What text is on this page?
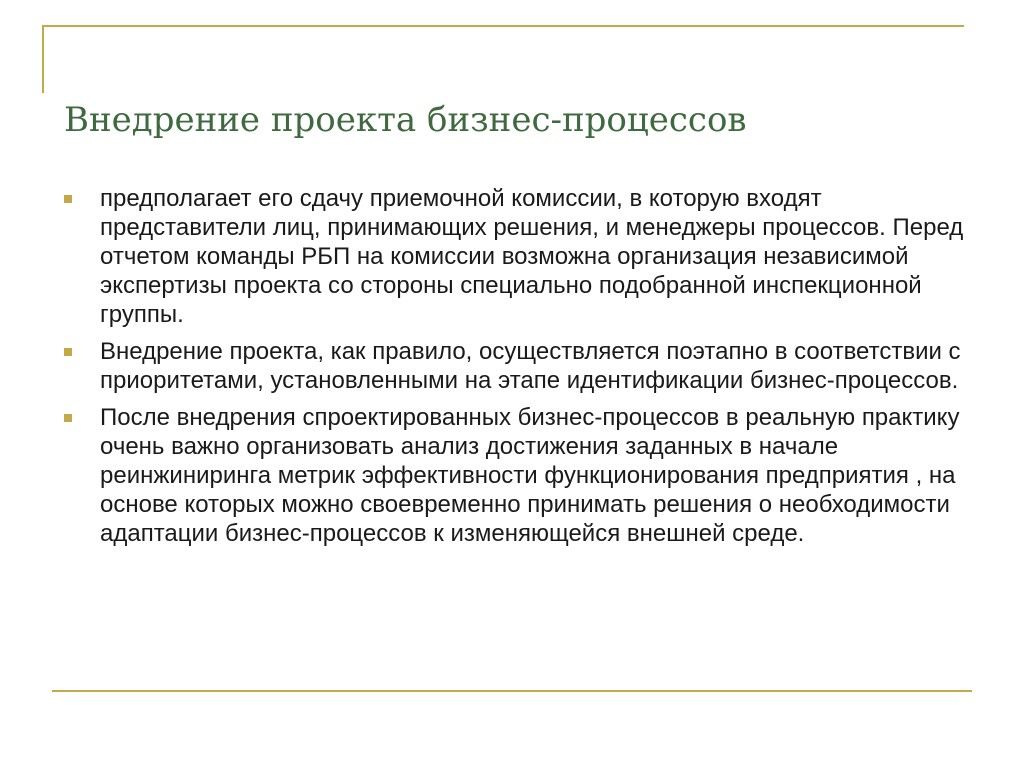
Внедрение проекта бизнес-процессов
предполагает его сдачу приемочной комиссии, в которую входят представители лиц, принимающих решения, и менеджеры процессов. Перед отчетом команды РБП на комиссии возможна организация независимой экспертизы проекта со стороны специально подобранной инспекционной группы.
Внедрение проекта, как правило, осуществляется поэтапно в соответствии с приоритетами, установленными на этапе идентификации бизнес-процессов.
После внедрения спроектированных бизнес-процессов в реальную практику очень важно организовать анализ достижения заданных в начале реинжиниринга метрик эффективности функционирования предприятия , на основе которых можно своевременно принимать решения о необходимости адаптации бизнес-процессов к изменяющейся внешней среде.
